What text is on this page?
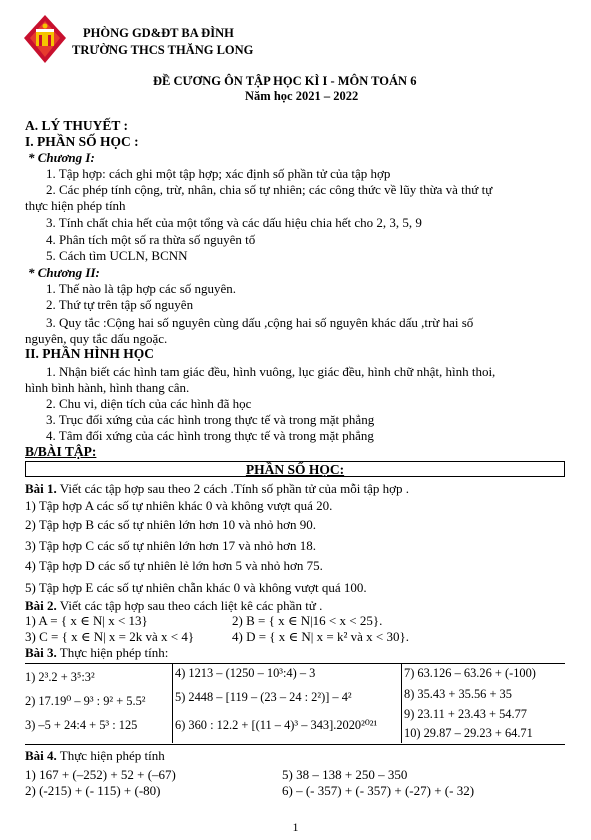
PHÒNG GD&ĐT BA ĐÌNH
TRƯỜNG THCS THĂNG LONG
ĐỀ CƯƠNG ÔN TẬP HỌC KÌ I - MÔN TOÁN 6
Năm học 2021 – 2022
A. LÝ THUYẾT :
I. PHẦN SỐ HỌC :
* Chương I:
1. Tập hợp: cách ghi một tập hợp; xác định số phần tử của tập hợp
2. Các phép tính cộng, trừ, nhân, chia số tự nhiên; các công thức về lũy thừa và thứ tự
thực hiện phép tính
3. Tính chất chia hết của một tổng và các dấu hiệu chia hết cho 2, 3, 5, 9
4. Phân tích một số ra thừa số nguyên tố
5. Cách tìm UCLN, BCNN
* Chương II:
1. Thế nào là tập hợp các số nguyên.
2. Thứ tự trên tập số nguyên
3. Quy tắc :Cộng hai số nguyên cùng dấu ,cộng hai số nguyên khác dấu ,trừ hai số
nguyên, quy tắc dấu ngoặc.
II. PHẦN HÌNH HỌC
1. Nhận biết các hình tam giác đều, hình vuông, lục giác đều, hình chữ nhật, hình thoi,
hình bình hành, hình thang cân.
2. Chu vi, diện tích của các hình đã học
3. Trục đối xứng của các hình trong thực tế và trong mặt phẳng
4. Tâm đối xứng của các hình trong thực tế và trong mặt phẳng
B/BÀI TẬP:
PHẦN SỐ HỌC:
Bài 1. Viết các tập hợp sau theo 2 cách .Tính số phần tử của mỗi tập hợp .
1) Tập hợp A các số tự nhiên khác 0 và không vượt quá 20.
2) Tập hợp B các số tự nhiên lớn hơn 10 và nhỏ hơn 90.
3) Tập hợp C các số tự nhiên lớn hơn 17 và nhỏ hơn 18.
4) Tập hợp D các số tự nhiên lẻ lớn hơn 5 và nhỏ hơn 75.
5) Tập hợp E các số tự nhiên chẵn khác 0 và không vượt quá 100.
Bài 2. Viết các tập hợp sau theo cách liệt kê các phần tử .
1) A = { x ∈ N| x < 13}	2) B = { x ∈ N|16 < x < 25}.
3) C = { x ∈ N| x = 2k và x < 4}	4) D = { x ∈ N| x = k² và x < 30}.
Bài 3. Thực hiện phép tính:
1) 2³.2 + 3⁵:3²
2) 17.19⁰ – 9³ : 9² + 5.5²
3) –5 + 24:4 + 5³ : 125
4) 1213 – (1250 – 10³:4) – 3
5) 2448 – [119 – (23 – 24 : 2²)] – 4²
6) 360 : 12.2 + [(11 – 4)³ – 343].2020²⁰²¹
7) 63.126 – 63.26 + (-100)
8) 35.43 + 35.56 + 35
9) 23.11 + 23.43 + 54.77
10) 29.87 – 29.23 + 64.71
Bài 4. Thực hiện phép tính
1) 167 + (–252) + 52 + (–67)
2) (-215) + (- 115) + (-80)
5) 38 – 138 + 250 – 350
6) – (- 357) + (- 357) + (-27) + (- 32)
1
